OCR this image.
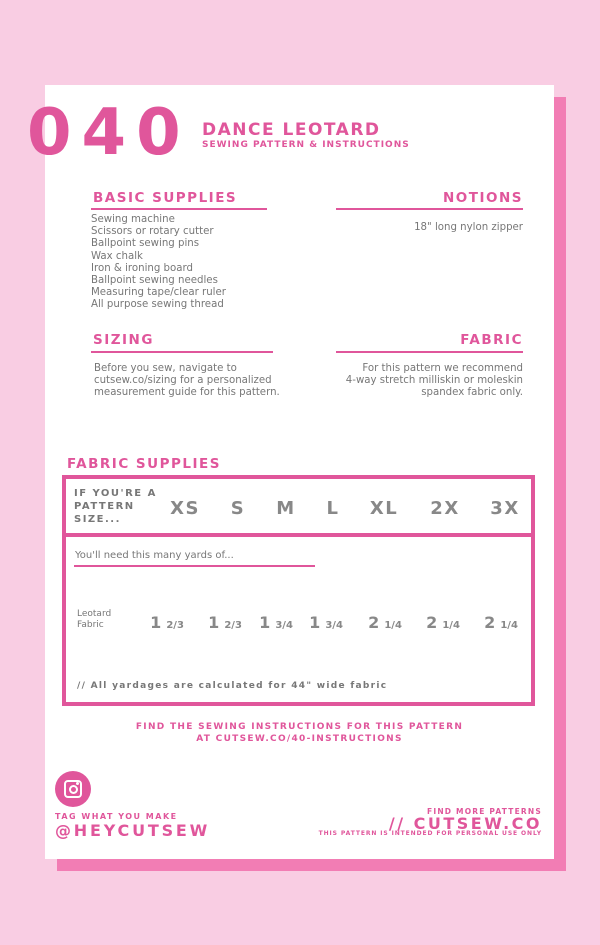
040 DANCE LEOTARD
SEWING PATTERN & INSTRUCTIONS
BASIC SUPPLIES
Sewing machine
Scissors or rotary cutter
Ballpoint sewing pins
Wax chalk
Iron & ironing board
Ballpoint sewing needles
Measuring tape/clear ruler
All purpose sewing thread
NOTIONS
18" long nylon zipper
SIZING
Before you sew, navigate to
cutsew.co/sizing for a personalized
measurement guide for this pattern.
FABRIC
For this pattern we recommend
4-way stretch milliskin or moleskin
spandex fabric only.
FABRIC SUPPLIES
IF YOU'RE A
PATTERN
SIZE...
XS	S	M	L	XL	2X	3X
You'll need this many yards of...
Leotard
Fabric	1 2/3	1 2/3	1 3/4	1 3/4	2 1/4	2 1/4	2 1/4
// All yardages are calculated for 44" wide fabric
FIND THE SEWING INSTRUCTIONS FOR THIS PATTERN
AT CUTSEW.CO/40-INSTRUCTIONS
TAG WHAT YOU MAKE
@HEYCUTSEW
FIND MORE PATTERNS
// CUTSEW.CO
THIS PATTERN IS INTENDED FOR PERSONAL USE ONLY
